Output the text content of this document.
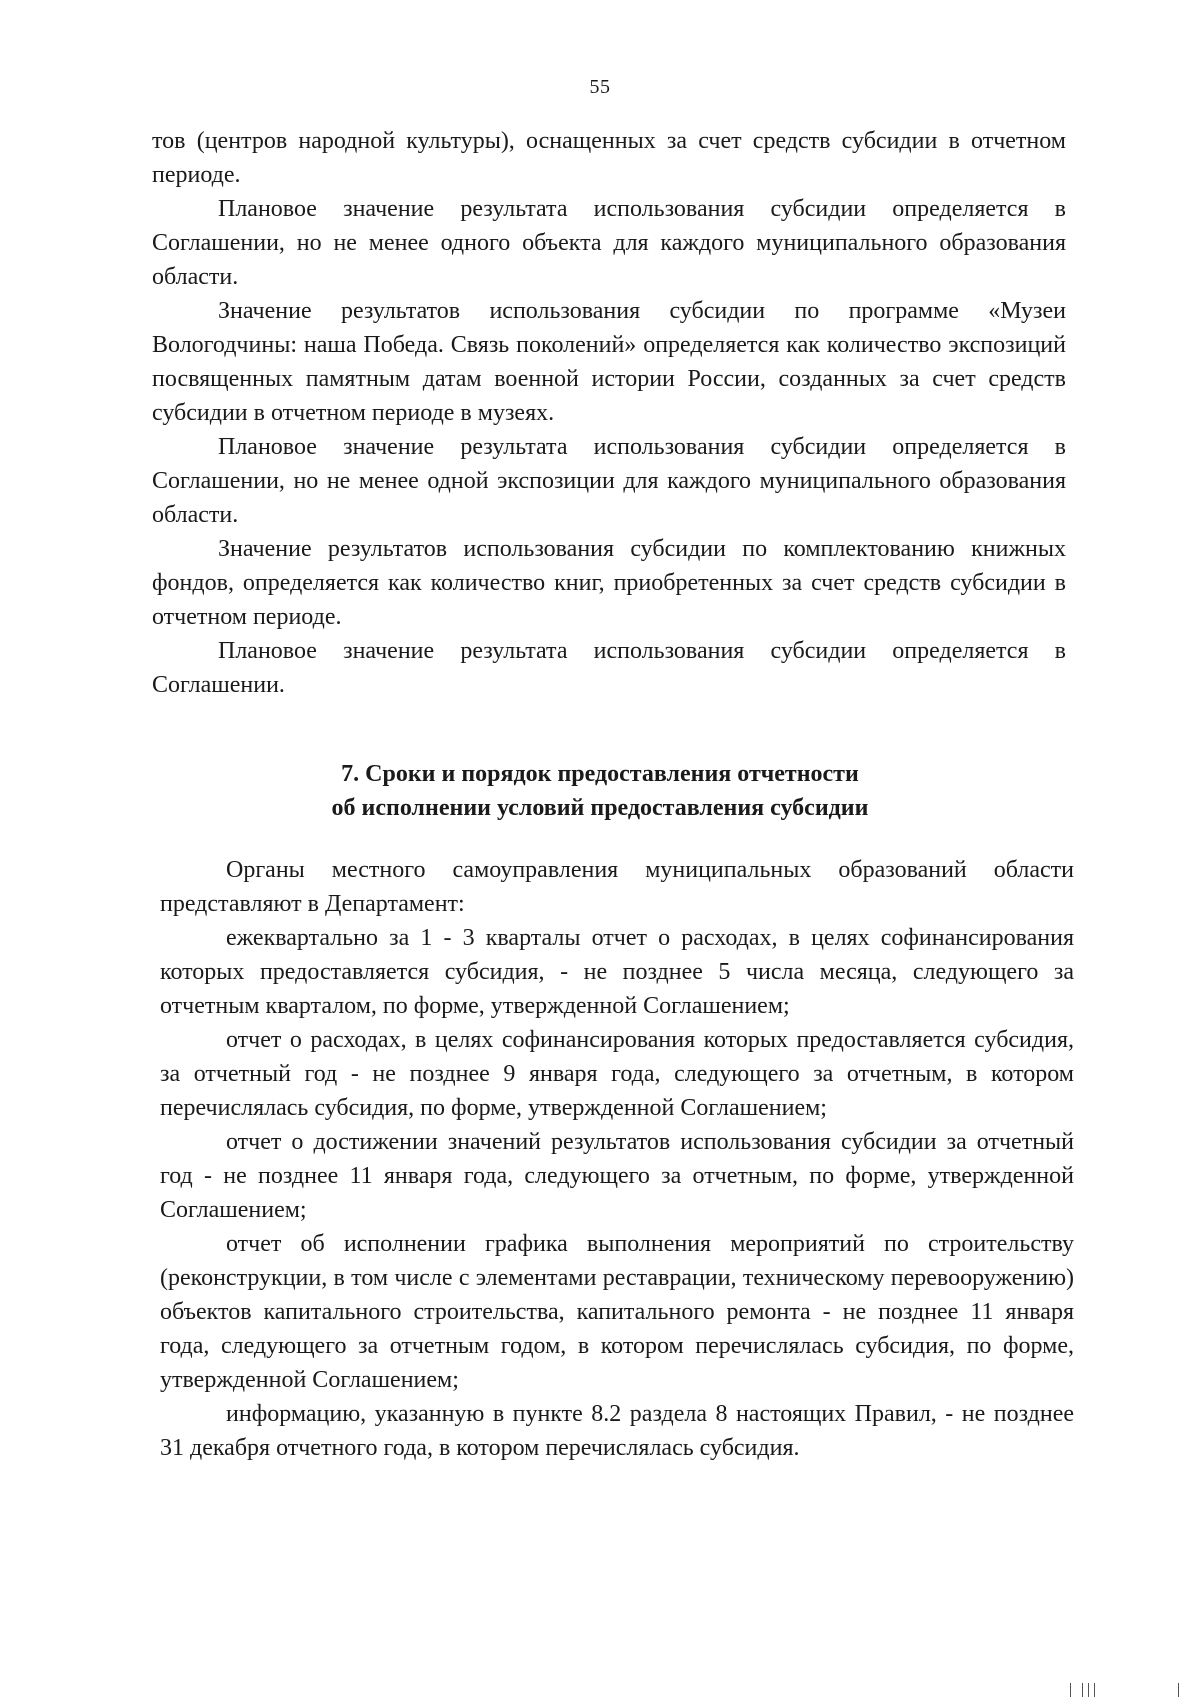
55

тов (центров народной культуры), оснащенных за счет средств субсидии в отчетном периоде.

Плановое значение результата использования субсидии определяется в Соглашении, но не менее одного объекта для каждого муниципального образования области.

Значение результатов использования субсидии по программе «Музеи Вологодчины: наша Победа. Связь поколений» определяется как количество экспозиций посвященных памятным датам военной истории России, созданных за счет средств субсидии в отчетном периоде в музеях.

Плановое значение результата использования субсидии определяется в Соглашении, но не менее одной экспозиции для каждого муниципального образования области.

Значение результатов использования субсидии по комплектованию книжных фондов, определяется как количество книг, приобретенных за счет средств субсидии в отчетном периоде.

Плановое значение результата использования субсидии определяется в Соглашении.

7. Сроки и порядок предоставления отчетности

об исполнении условий предоставления субсидии

Органы местного самоуправления муниципальных образований области представляют в Департамент:

ежеквартально за 1 - 3 кварталы отчет о расходах, в целях софинансирования которых предоставляется субсидия, - не позднее 5 числа месяца, следующего за отчетным кварталом, по форме, утвержденной Соглашением;

отчет о расходах, в целях софинансирования которых предоставляется субсидия, за отчетный год - не позднее 9 января года, следующего за отчетным, в котором перечислялась субсидия, по форме, утвержденной Соглашением;

отчет о достижении значений результатов использования субсидии за отчетный год - не позднее 11 января года, следующего за отчетным, по форме, утвержденной Соглашением;

отчет об исполнении графика выполнения мероприятий по строительству (реконструкции, в том числе с элементами реставрации, техническому перевооружению) объектов капитального строительства, капитального ремонта - не позднее 11 января года, следующего за отчетным годом, в котором перечислялась субсидия, по форме, утвержденной Соглашением;

информацию, указанную в пункте 8.2 раздела 8 настоящих Правил, - не позднее 31 декабря отчетного года, в котором перечислялась субсидия.
